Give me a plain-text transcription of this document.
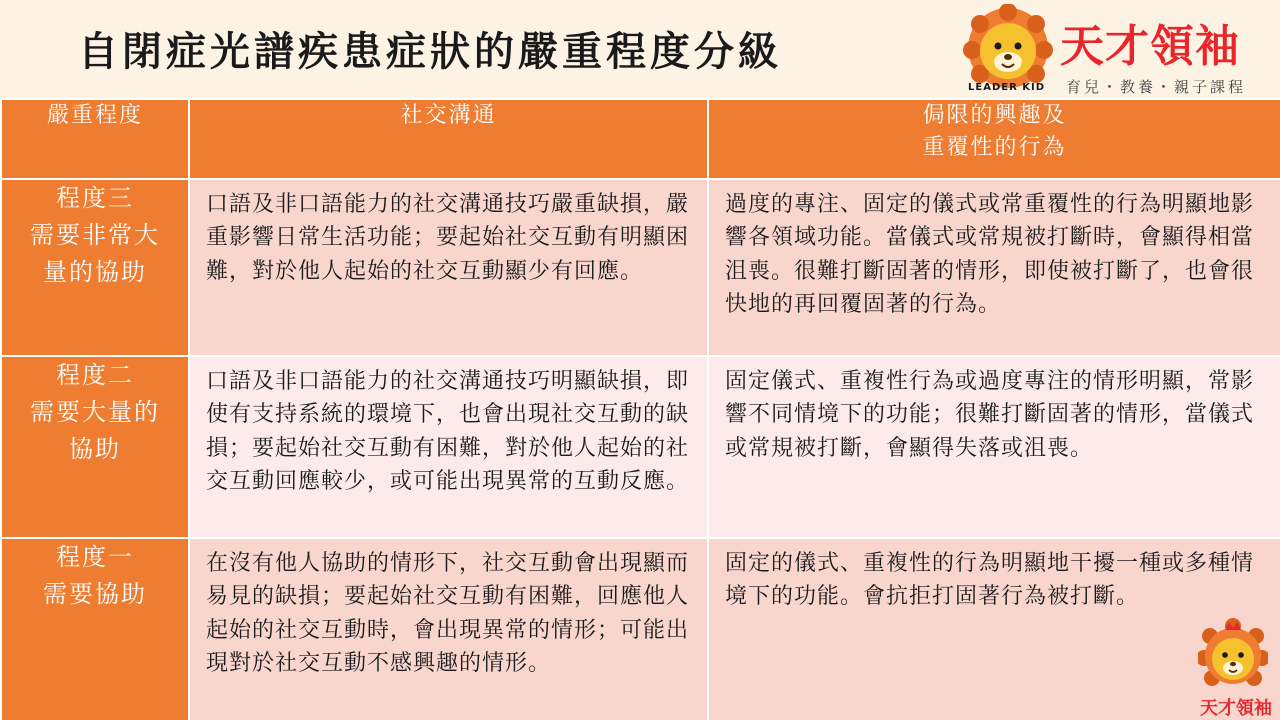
自閉症光譜疾患症狀的嚴重程度分級
LEADER KID
天才領袖
育兒・教養・親子課程
嚴重程度	社交溝通	侷限的興趣及
重覆性的行為
程度三
需要非常大
量的協助	口語及非口語能力的社交溝通技巧嚴重缺損，嚴重影響日常生活功能；要起始社交互動有明顯困難，對於他人起始的社交互動顯少有回應。	過度的專注、固定的儀式或常重覆性的行為明顯地影響各領域功能。當儀式或常規被打斷時，會顯得相當沮喪。很難打斷固著的情形，即使被打斷了，也會很快地的再回覆固著的行為。
程度二
需要大量的
協助	口語及非口語能力的社交溝通技巧明顯缺損，即使有支持系統的環境下，也會出現社交互動的缺損；要起始社交互動有困難，對於他人起始的社交互動回應較少，或可能出現異常的互動反應。	固定儀式、重複性行為或過度專注的情形明顯，常影響不同情境下的功能；很難打斷固著的情形，當儀式或常規被打斷，會顯得失落或沮喪。
程度一
需要協助	在沒有他人協助的情形下，社交互動會出現顯而易見的缺損；要起始社交互動有困難，回應他人起始的社交互動時，會出現異常的情形；可能出現對於社交互動不感興趣的情形。	固定的儀式、重複性的行為明顯地干擾一種或多種情境下的功能。會抗拒打固著行為被打斷。
天才領袖
